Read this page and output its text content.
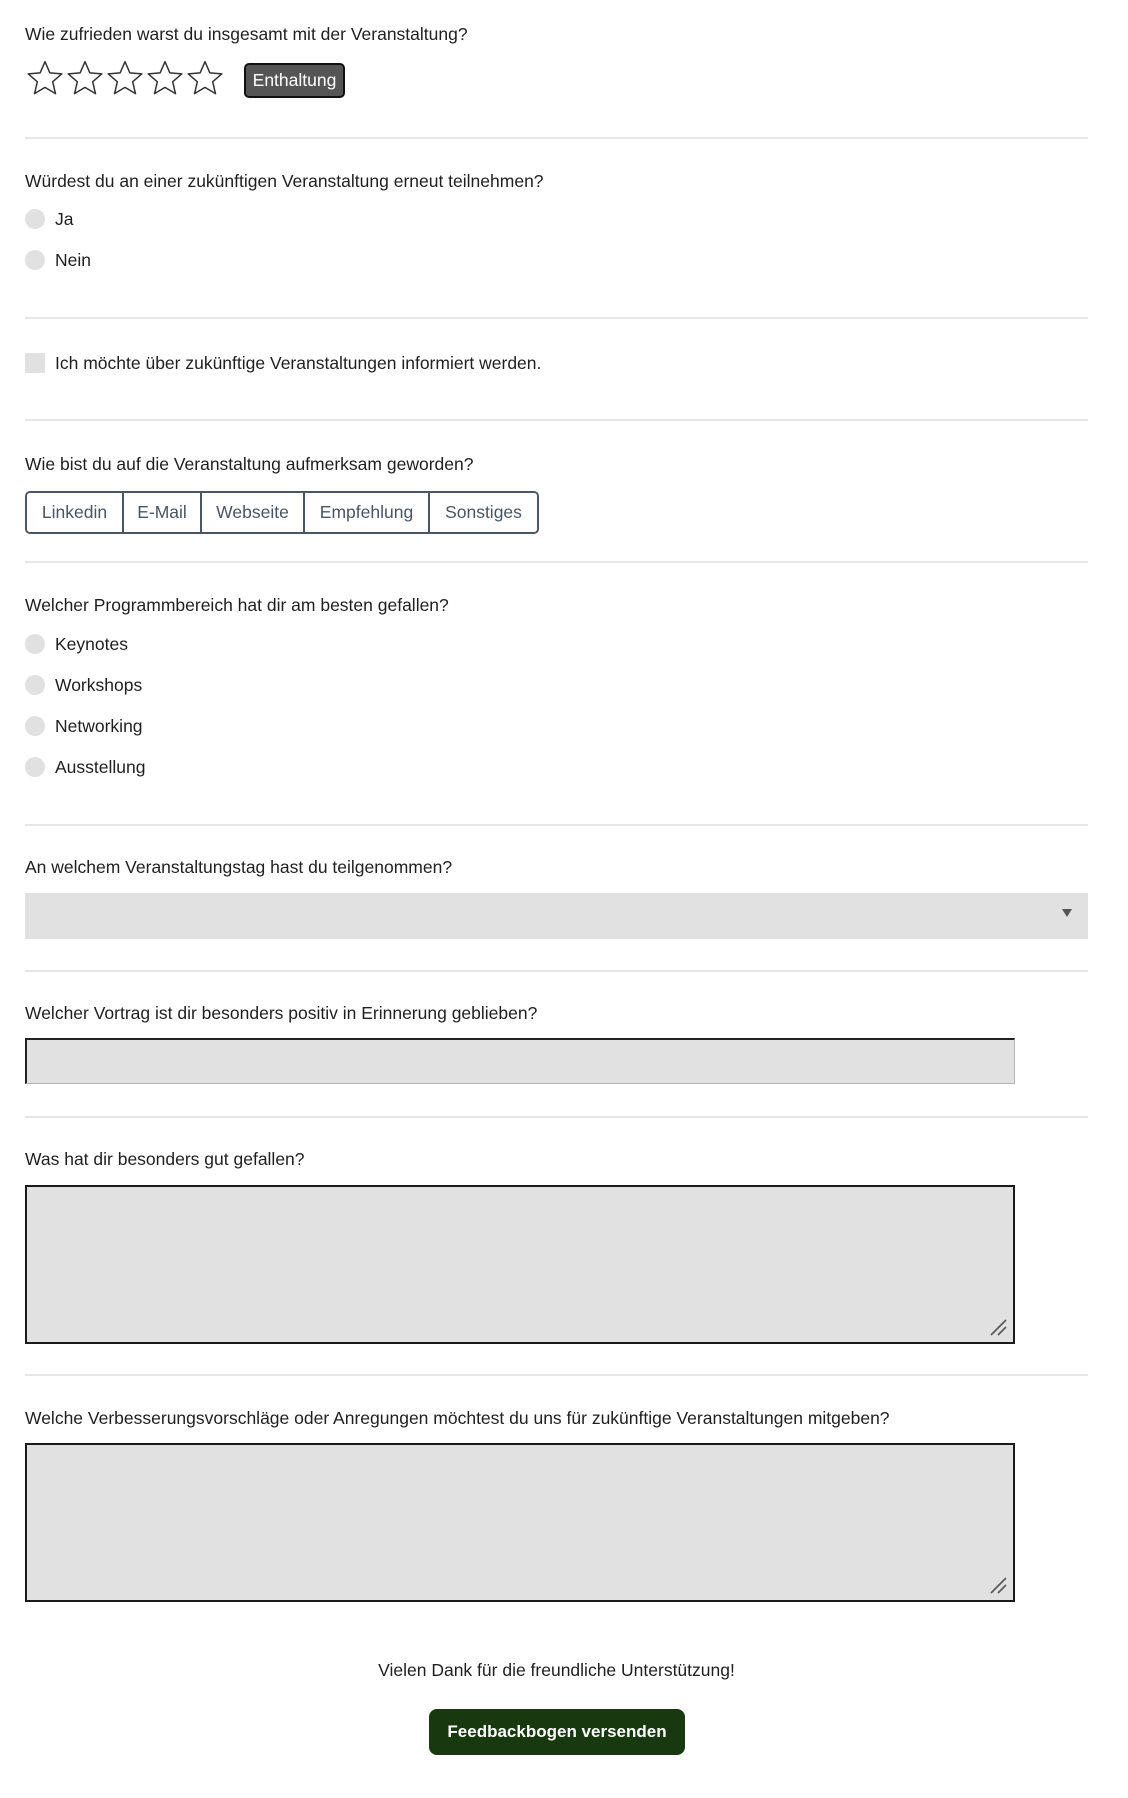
Wie zufrieden warst du insgesamt mit der Veranstaltung?
Enthaltung
Würdest du an einer zukünftigen Veranstaltung erneut teilnehmen?
Ja
Nein
Ich möchte über zukünftige Veranstaltungen informiert werden.
Wie bist du auf die Veranstaltung aufmerksam geworden?
Linkedin	E-Mail	Webseite	Empfehlung	Sonstiges
Welcher Programmbereich hat dir am besten gefallen?
Keynotes
Workshops
Networking
Ausstellung
An welchem Veranstaltungstag hast du teilgenommen?
Welcher Vortrag ist dir besonders positiv in Erinnerung geblieben?
Was hat dir besonders gut gefallen?
Welche Verbesserungsvorschläge oder Anregungen möchtest du uns für zukünftige Veranstaltungen mitgeben?
Vielen Dank für die freundliche Unterstützung!
Feedbackbogen versenden
